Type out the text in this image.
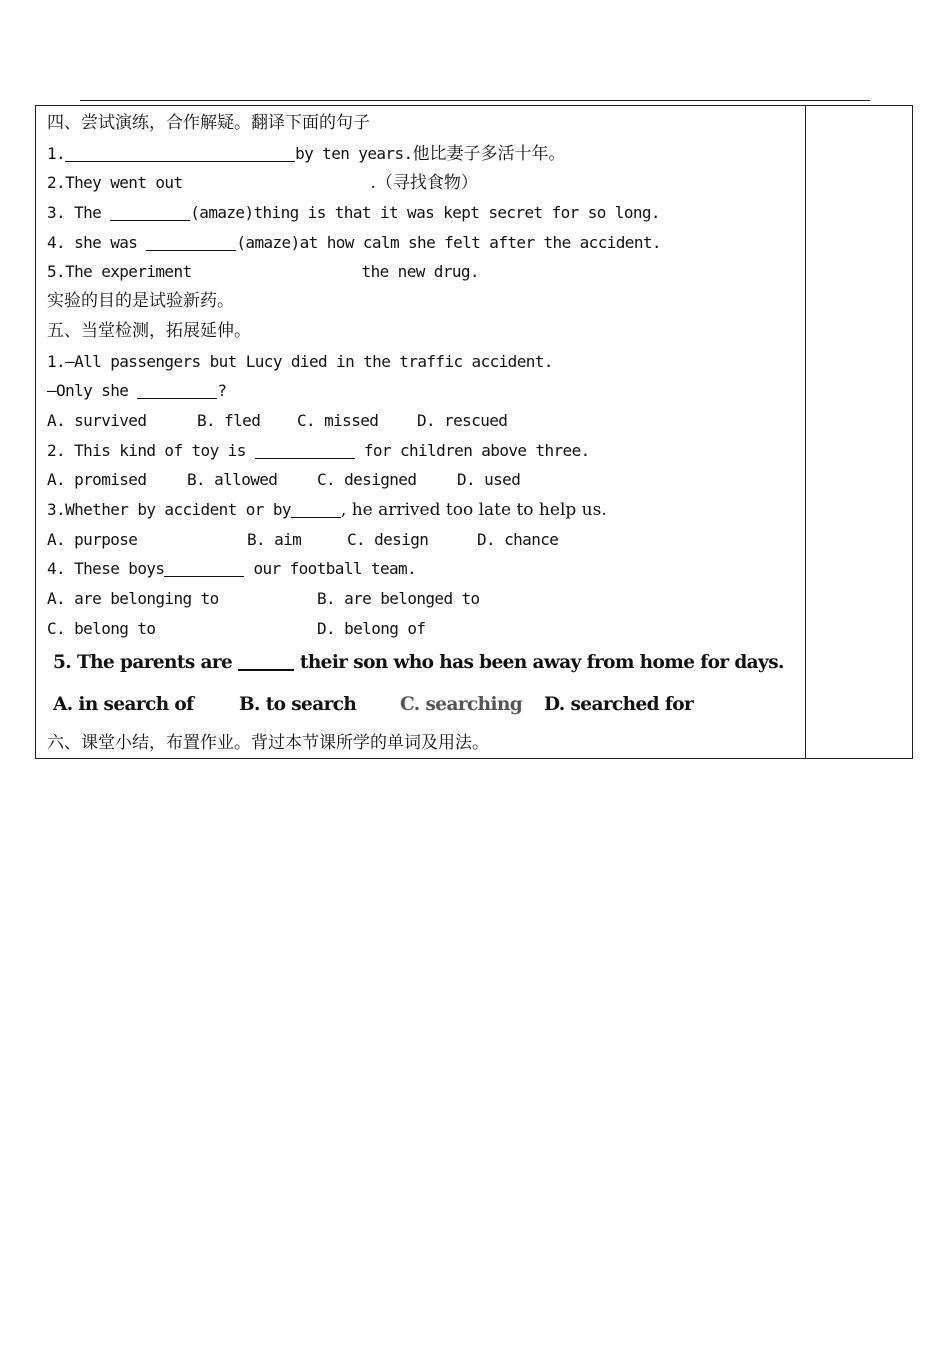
四、尝试演练，合作解疑。翻译下面的句子
1.	by ten years.他比妻子多活十年。
2.They went out	.（寻找食物）
3. The	(amaze)thing is that it was kept secret for so long.
4. she was	(amaze)at how calm she felt after the accident.
5.The experiment	the new drug.
实验的目的是试验新药。
五、当堂检测，拓展延伸。
1.—All passengers but Lucy died in the traffic accident.
—Only she	?
A. survived	B. fled C. missed D. rescued
2. This kind of toy is	for children above three.
A. promised	B. allowed C. designed	D. used
3.Whether by accident or by	, he arrived too late to help us.
A. purpose	B. aim	C. design	D. chance
4. These boys	our football team.
A. are belonging to	B. are belonged to
C. belong to	D. belong of
5. The parents are	their son who has been away from home for days.
A. in search of B. to search C. searching D. searched for
六、课堂小结，布置作业。背过本节课所学的单词及用法。
